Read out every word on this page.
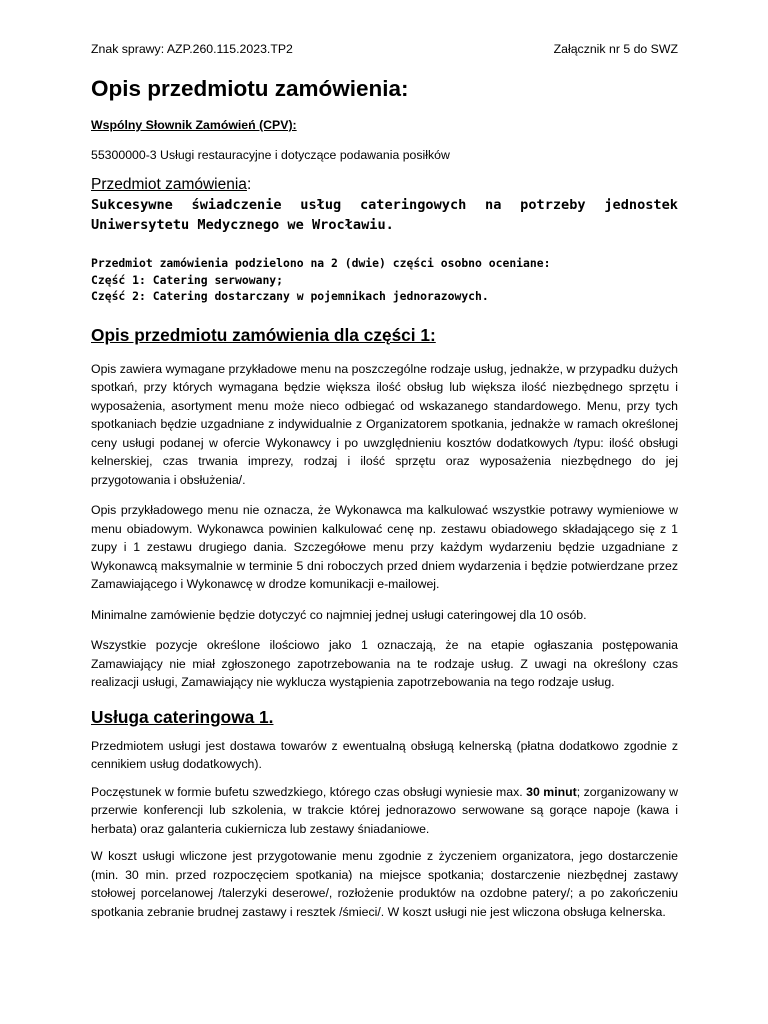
Znak sprawy: AZP.260.115.2023.TP2	Załącznik nr 5 do SWZ
Opis przedmiotu zamówienia:

Wspólny Słownik Zamówień (CPV):

55300000-3 Usługi restauracyjne i dotyczące podawania posiłków

Przedmiot zamówienia:

Sukcesywne świadczenie usług cateringowych na potrzeby jednostek Uniwersytetu Medycznego we Wrocławiu.

Przedmiot zamówienia podzielono na 2 (dwie) części osobno oceniane:
Część 1: Catering serwowany;
Część 2: Catering dostarczany w pojemnikach jednorazowych.
Opis przedmiotu zamówienia dla części 1:

Opis zawiera wymagane przykładowe menu na poszczególne rodzaje usług, jednakże, w przypadku dużych spotkań, przy których wymagana będzie większa ilość obsług lub większa ilość niezbędnego sprzętu i wyposażenia, asortyment menu może nieco odbiegać od wskazanego standardowego. Menu, przy tych spotkaniach będzie uzgadniane z indywidualnie z Organizatorem spotkania, jednakże w ramach określonej ceny usługi podanej w ofercie Wykonawcy i po uwzględnieniu kosztów dodatkowych /typu: ilość obsługi kelnerskiej, czas trwania imprezy, rodzaj i ilość sprzętu oraz wyposażenia niezbędnego do jej przygotowania i obsłużenia/.

Opis przykładowego menu nie oznacza, że Wykonawca ma kalkulować wszystkie potrawy wymieniowe w menu obiadowym. Wykonawca powinien kalkulować cenę np. zestawu obiadowego składającego się z 1 zupy i 1 zestawu drugiego dania. Szczegółowe menu przy każdym wydarzeniu będzie uzgadniane z Wykonawcą maksymalnie w terminie 5 dni roboczych przed dniem wydarzenia i będzie potwierdzane przez Zamawiającego i Wykonawcę w drodze komunikacji e-mailowej.

Minimalne zamówienie będzie dotyczyć co najmniej jednej usługi cateringowej dla 10 osób.

Wszystkie pozycje określone ilościowo jako 1 oznaczają, że na etapie ogłaszania postępowania Zamawiający nie miał zgłoszonego zapotrzebowania na te rodzaje usług. Z uwagi na określony czas realizacji usługi, Zamawiający nie wyklucza wystąpienia zapotrzebowania na tego rodzaje usług.

Usługa cateringowa 1.

Przedmiotem usługi jest dostawa towarów z ewentualną obsługą kelnerską (płatna dodatkowo zgodnie z cennikiem usług dodatkowych).

Poczęstunek w formie bufetu szwedzkiego, którego czas obsługi wyniesie max. 30 minut; zorganizowany w przerwie konferencji lub szkolenia, w trakcie której jednorazowo serwowane są gorące napoje (kawa i herbata) oraz galanteria cukiernicza lub zestawy śniadaniowe.

W koszt usługi wliczone jest przygotowanie menu zgodnie z życzeniem organizatora, jego dostarczenie (min. 30 min. przed rozpoczęciem spotkania) na miejsce spotkania; dostarczenie niezbędnej zastawy stołowej porcelanowej /talerzyki deserowe/, rozłożenie produktów na ozdobne patery/; a po zakończeniu spotkania zebranie brudnej zastawy i resztek /śmieci/. W koszt usługi nie jest wliczona obsługa kelnerska.
